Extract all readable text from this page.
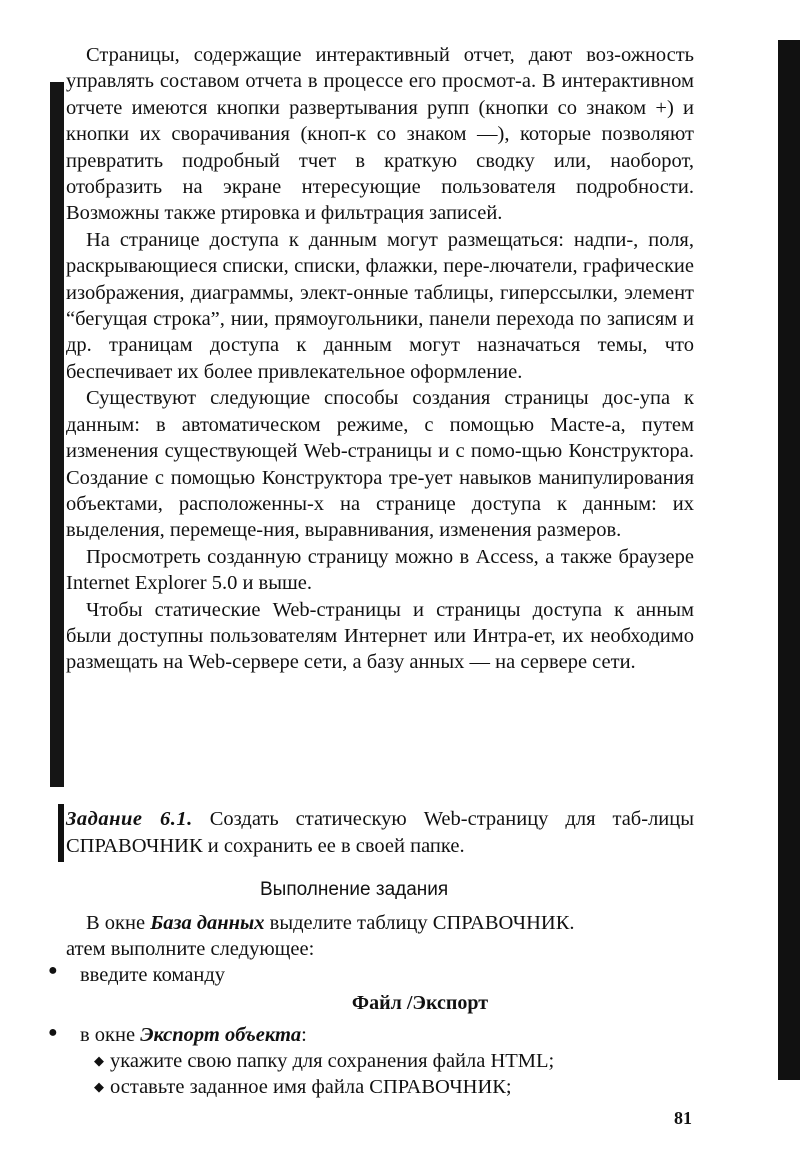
Страницы, содержащие интерактивный отчет, дают воз-ожность управлять составом отчета в процессе его просмот-а. В интерактивном отчете имеются кнопки развертывания рупп (кнопки со знаком +) и кнопки их сворачивания (кноп-к со знаком —), которые позволяют превратить подробный тчет в краткую сводку или, наоборот, отобразить на экране нтересующие пользователя подробности. Возможны также ртировка и фильтрация записей.

На странице доступа к данным могут размещаться: надпи-, поля, раскрывающиеся списки, списки, флажки, пере-лючатели, графические изображения, диаграммы, элект-онные таблицы, гиперссылки, элемент “бегущая строка”, нии, прямоугольники, панели перехода по записям и др. траницам доступа к данным могут назначаться темы, что беспечивает их более привлекательное оформление.

Существуют следующие способы создания страницы дос-упа к данным: в автоматическом режиме, с помощью Масте-а, путем изменения существующей Web-страницы и с помо-щью Конструктора. Создание с помощью Конструктора тре-ует навыков манипулирования объектами, расположенны-х на странице доступа к данным: их выделения, перемеще-ния, выравнивания, изменения размеров.

Просмотреть созданную страницу можно в Access, а также браузере Internet Explorer 5.0 и выше.

Чтобы статические Web-страницы и страницы доступа к анным были доступны пользователям Интернет или Интра-ет, их необходимо размещать на Web-сервере сети, а базу анных — на сервере сети.

Задание 6.1. Создать статическую Web-страницу для таб-лицы СПРАВОЧНИК и сохранить ее в своей папке.
Выполнение задания
В окне База данных выделите таблицу СПРАВОЧНИК.
атем выполните следующее:
● введите команду
Файл /Экспорт
● в окне Экспорт объекта:
◆ укажите свою папку для сохранения файла HTML;
◆ оставьте заданное имя файла СПРАВОЧНИК;
81
